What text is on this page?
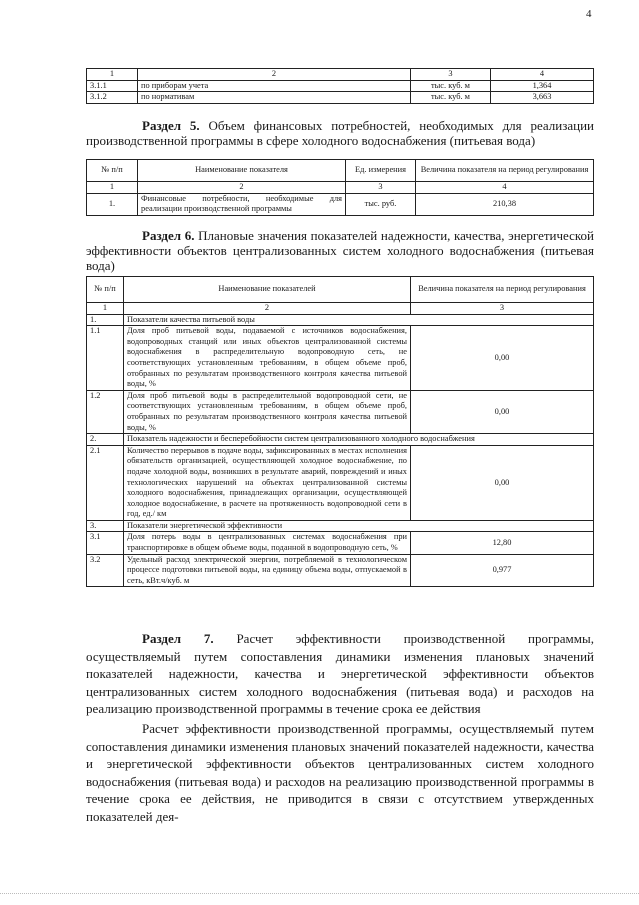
4
1	2	3	4
3.1.1	по приборам учета	тыс. куб. м	1,364
3.1.2	по нормативам	тыс. куб. м	3,663
Раздел 5. Объем финансовых потребностей, необходимых для реализации производственной программы в сфере холодного водоснабжения (питьевая вода)
№ п/п	Наименование показателя	Ед. измерения	Величина показателя на период регулирования
1	2	3	4
1.	Финансовые потребности, необходимые для реализации производственной программы	тыс. руб.	210,38
Раздел 6. Плановые значения показателей надежности, качества, энергетической эффективности объектов централизованных систем холодного водоснабжения (питьевая вода)
№ п/п	Наименование показателей	Величина показателя на период регулирования
1	2	3
1.	Показатели качества питьевой воды	
1.1	Доля проб питьевой воды, подаваемой с источников водоснабжения, водопроводных станций или иных объектов централизованной системы водоснабжения в распределительную водопроводную сеть, не соответствующих установленным требованиям, в общем объеме проб, отобранных по результатам производственного контроля качества питьевой воды, %	0,00
1.2	Доля проб питьевой воды в распределительной водопроводной сети, не соответствующих установленным требованиям, в общем объеме проб, отобранных по результатам производственного контроля качества питьевой воды, %	0,00
2.	Показатель надежности и бесперебойности систем централизованного холодного водоснабжения	
2.1	Количество перерывов в подаче воды, зафиксированных в местах исполнения обязательств организацией, осуществляющей холодное водоснабжение, по подаче холодной воды, возникших в результате аварий, повреждений и иных технологических нарушений на объектах централизованной системы холодного водоснабжения, принадлежащих организации, осуществляющей холодное водоснабжение, в расчете на протяженность водопроводной сети в год, ед./ км	0,00
3.	Показатели энергетической эффективности	
3.1	Доля потерь воды в централизованных системах водоснабжения при транспортировке в общем объеме воды, поданной в водопроводную сеть, %	12,80
3.2	Удельный расход электрической энергии, потребляемой в технологическом процессе подготовки питьевой воды, на единицу объема воды, отпускаемой в сеть, кВт.ч/куб. м	0,977
Раздел 7. Расчет эффективности производственной программы, осуществляемый путем сопоставления динамики изменения плановых значений показателей надежности, качества и энергетической эффективности объектов централизованных систем холодного водоснабжения (питьевая вода) и расходов на реализацию производственной программы в течение срока ее действия
Расчет эффективности производственной программы, осуществляемый путем сопоставления динамики изменения плановых значений показателей надежности, качества и энергетической эффективности объектов централизованных систем холодного водоснабжения (питьевая вода) и расходов на реализацию производственной программы в течение срока ее действия, не приводится в связи с отсутствием утвержденных показателей дея-
